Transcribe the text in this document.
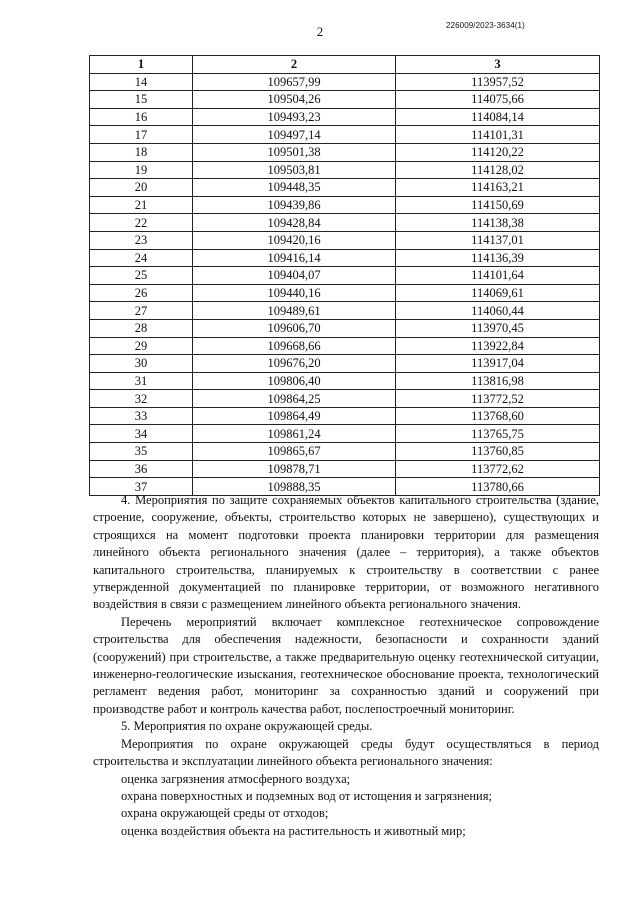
2	226009/2023-3634(1)
1	2	3
14	109657,99	113957,52
15	109504,26	114075,66
16	109493,23	114084,14
17	109497,14	114101,31
18	109501,38	114120,22
19	109503,81	114128,02
20	109448,35	114163,21
21	109439,86	114150,69
22	109428,84	114138,38
23	109420,16	114137,01
24	109416,14	114136,39
25	109404,07	114101,64
26	109440,16	114069,61
27	109489,61	114060,44
28	109606,70	113970,45
29	109668,66	113922,84
30	109676,20	113917,04
31	109806,40	113816,98
32	109864,25	113772,52
33	109864,49	113768,60
34	109861,24	113765,75
35	109865,67	113760,85
36	109878,71	113772,62
37	109888,35	113780,66

4. Мероприятия по защите сохраняемых объектов капитального строительства (здание, строение, сооружение, объекты, строительство которых не завершено), существующих и строящихся на момент подготовки проекта планировки территории для размещения линейного объекта регионального значения (далее – территория), а также объектов капитального строительства, планируемых к строительству в соответствии с ранее утвержденной документацией по планировке территории, от возможного негативного воздействия в связи с размещением линейного объекта регионального значения.

Перечень мероприятий включает комплексное геотехническое сопровождение строительства для обеспечения надежности, безопасности и сохранности зданий (сооружений) при строительстве, а также предварительную оценку геотехнической ситуации, инженерно-геологические изыскания, геотехническое обоснование проекта, технологический регламент ведения работ, мониторинг за сохранностью зданий и сооружений при производстве работ и контроль качества работ, послепостроечный мониторинг.

5. Мероприятия по охране окружающей среды.

Мероприятия по охране окружающей среды будут осуществляться в период строительства и эксплуатации линейного объекта регионального значения:

оценка загрязнения атмосферного воздуха;

охрана поверхностных и подземных вод от истощения и загрязнения;

охрана окружающей среды от отходов;

оценка воздействия объекта на растительность и животный мир;
